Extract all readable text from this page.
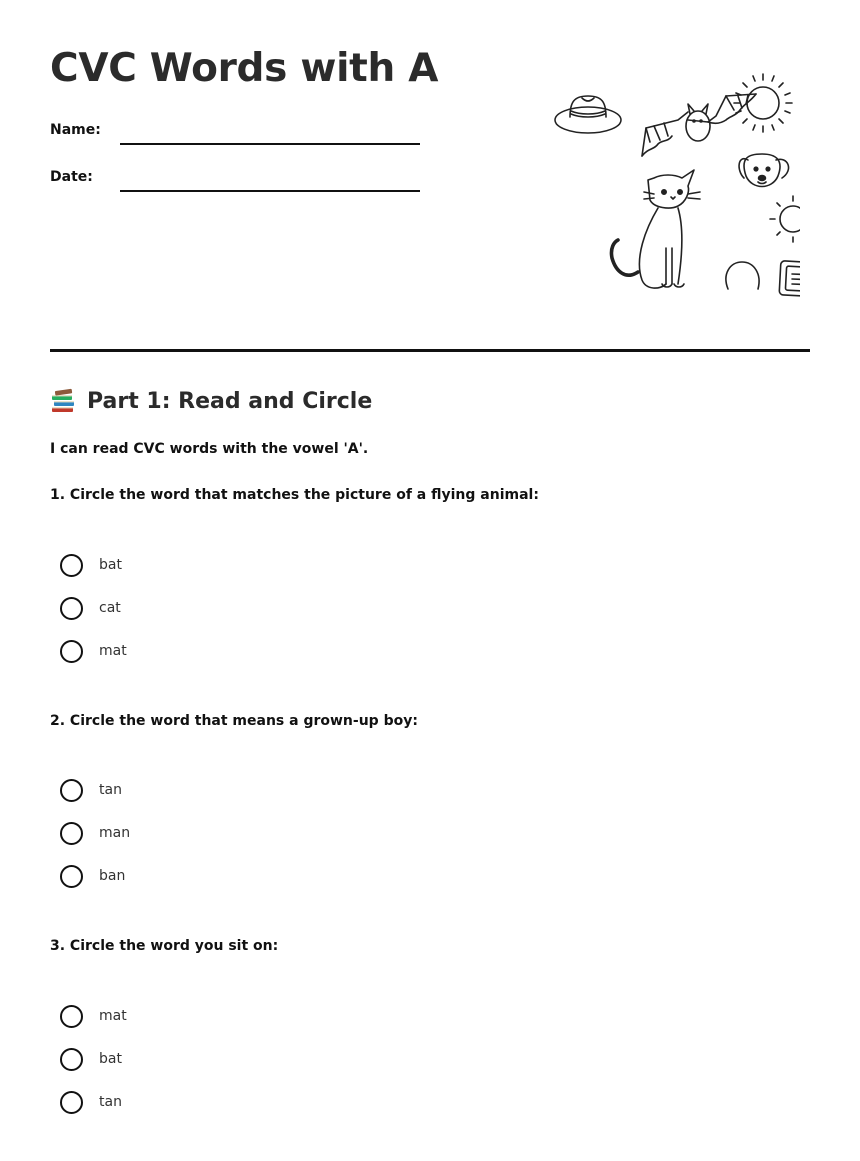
CVC Words with A
Name:
Date:
Part 1: Read and Circle
I can read CVC words with the vowel 'A'.
1. Circle the word that matches the picture of a flying animal:
bat
cat
mat
2. Circle the word that means a grown-up boy:
tan
man
ban
3. Circle the word you sit on:
mat
bat
tan
